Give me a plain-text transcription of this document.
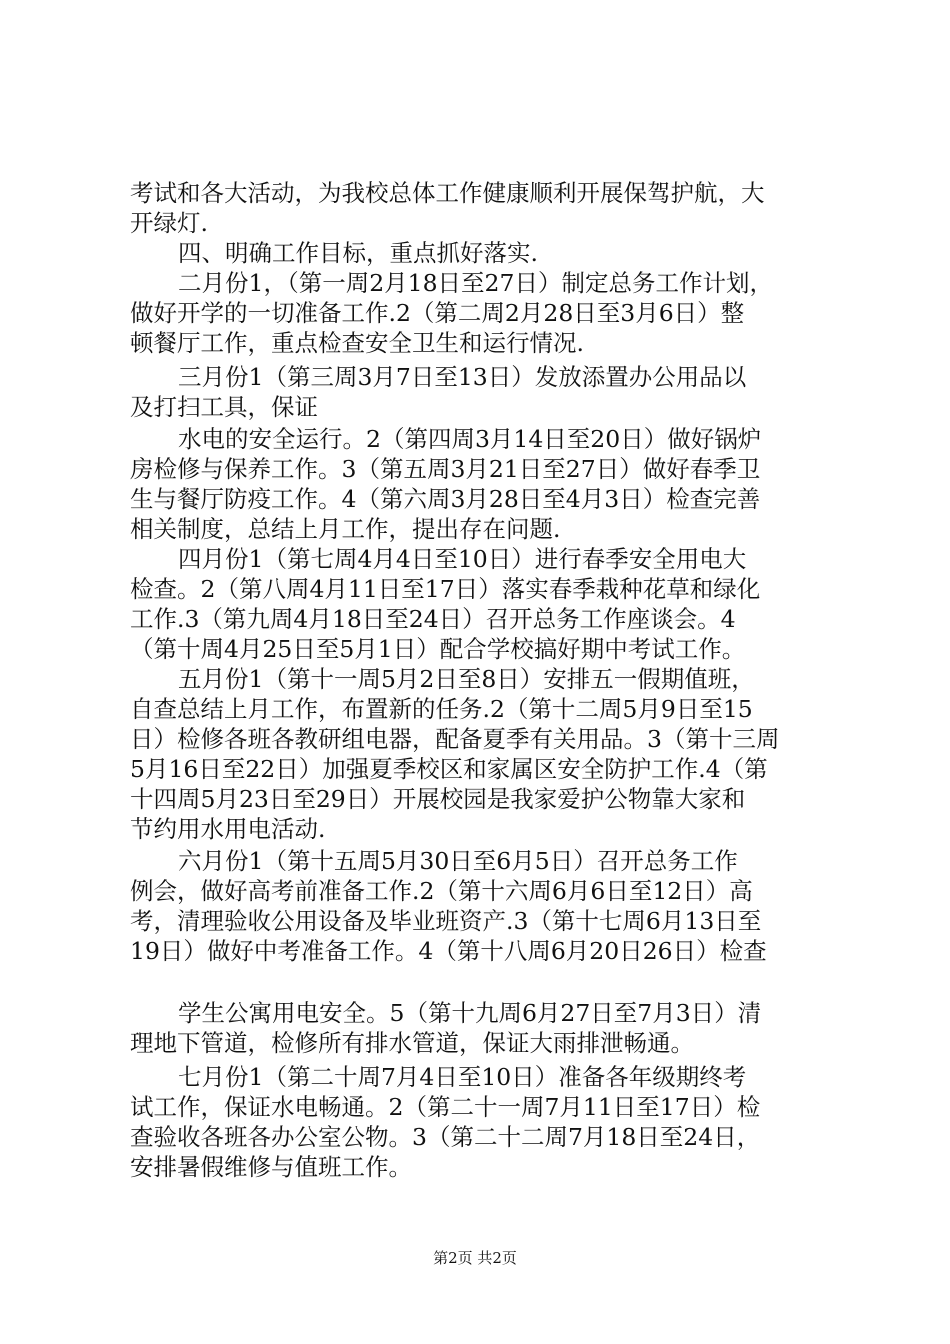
考试和各大活动，为我校总体工作健康顺利开展保驾护航，大
开绿灯.
四、明确工作目标，重点抓好落实.
二月份1，（第一周2月18日至27日）制定总务工作计划，
做好开学的一切准备工作.2（第二周2月28日至3月6日）整
顿餐厅工作，重点检查安全卫生和运行情况.
三月份1（第三周3月7日至13日）发放添置办公用品以
及打扫工具，保证
水电的安全运行。2（第四周3月14日至20日）做好锅炉
房检修与保养工作。3（第五周3月21日至27日）做好春季卫
生与餐厅防疫工作。4（第六周3月28日至4月3日）检查完善
相关制度，总结上月工作，提出存在问题.
四月份1（第七周4月4日至10日）进行春季安全用电大
检查。2（第八周4月11日至17日）落实春季栽种花草和绿化
工作.3（第九周4月18日至24日）召开总务工作座谈会。4
（第十周4月25日至5月1日）配合学校搞好期中考试工作。
五月份1（第十一周5月2日至8日）安排五一假期值班，
自查总结上月工作，布置新的任务.2（第十二周5月9日至15
日）检修各班各教研组电器，配备夏季有关用品。3（第十三周
5月16日至22日）加强夏季校区和家属区安全防护工作.4（第
十四周5月23日至29日）开展校园是我家爱护公物靠大家和
节约用水用电活动.
六月份1（第十五周5月30日至6月5日）召开总务工作
例会，做好高考前准备工作.2（第十六周6月6日至12日）高
考，清理验收公用设备及毕业班资产.3（第十七周6月13日至
19日）做好中考准备工作。4（第十八周6月20日26日）检查
学生公寓用电安全。5（第十九周6月27日至7月3日）清
理地下管道，检修所有排水管道，保证大雨排泄畅通。
七月份1（第二十周7月4日至10日）准备各年级期终考
试工作，保证水电畅通。2（第二十一周7月11日至17日）检
查验收各班各办公室公物。3（第二十二周7月18日至24日，
安排暑假维修与值班工作。
第2页 共2页
